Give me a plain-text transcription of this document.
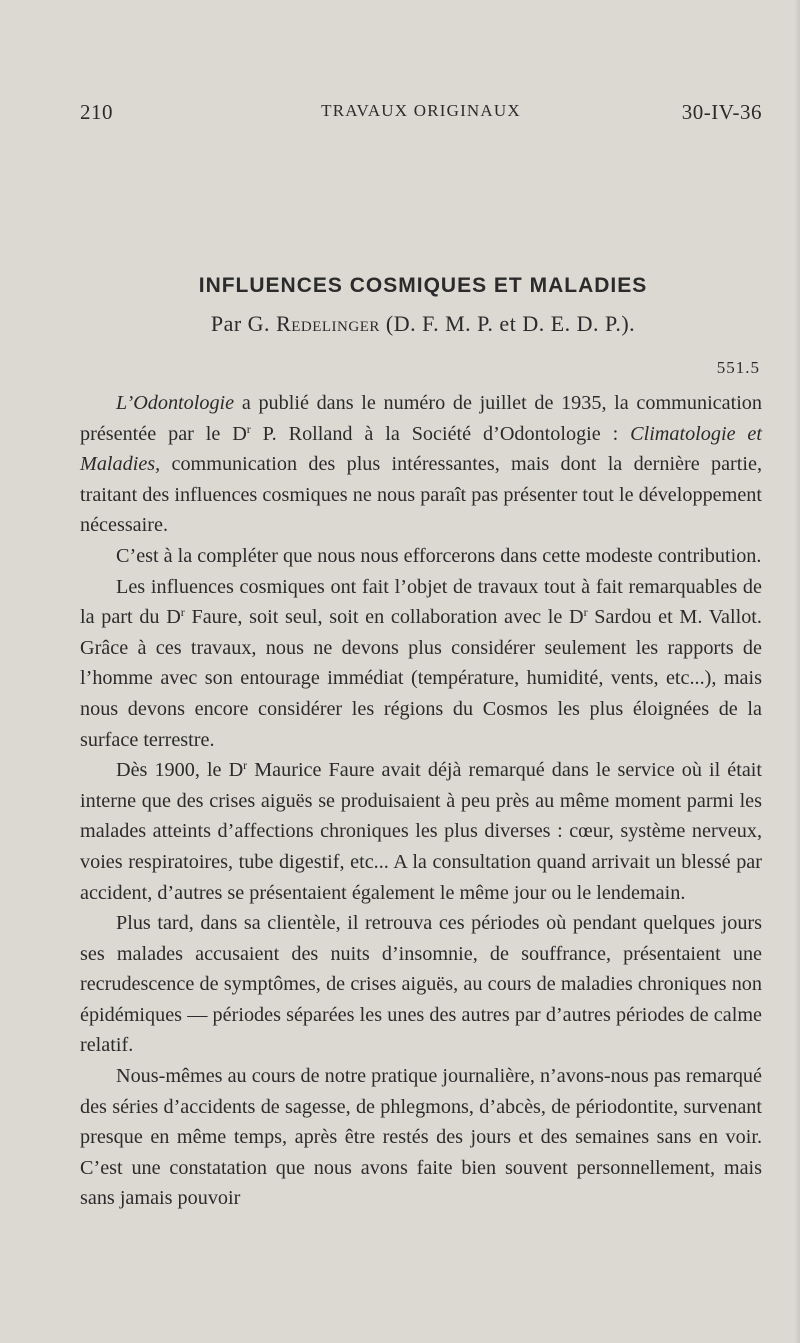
210	TRAVAUX ORIGINAUX	30-IV-36
INFLUENCES COSMIQUES ET MALADIES
Par G. Redelinger (D. F. M. P. et D. E. D. P.).
551.5

L’Odontologie a publié dans le numéro de juillet de 1935, la communication présentée par le $D^r$ P. Rolland à la Société d’Odontologie : Climatologie et Maladies, communication des plus intéressantes, mais dont la dernière partie, traitant des influences cosmiques ne nous paraît pas présenter tout le développement nécessaire.

C’est à la compléter que nous nous efforcerons dans cette modeste contribution.

Les influences cosmiques ont fait l’objet de travaux tout à fait remarquables de la part du $D^r$ Faure, soit seul, soit en collaboration avec le $D^r$ Sardou et M. Vallot. Grâce à ces travaux, nous ne devons plus considérer seulement les rapports de l’homme avec son entourage immédiat (température, humidité, vents, etc...), mais nous devons encore considérer les régions du Cosmos les plus éloignées de la surface terrestre.

Dès 1900, le $D^r$ Maurice Faure avait déjà remarqué dans le service où il était interne que des crises aiguës se produisaient à peu près au même moment parmi les malades atteints d’affections chroniques les plus diverses : cœur, système nerveux, voies respiratoires, tube digestif, etc... A la consultation quand arrivait un blessé par accident, d’autres se présentaient également le même jour ou le lendemain.

Plus tard, dans sa clientèle, il retrouva ces périodes où pendant quelques jours ses malades accusaient des nuits d’insomnie, de souffrance, présentaient une recrudescence de symptômes, de crises aiguës, au cours de maladies chroniques non épidémiques — périodes séparées les unes des autres par d’autres périodes de calme relatif.

Nous-mêmes au cours de notre pratique journalière, n’avons-nous pas remarqué des séries d’accidents de sagesse, de phlegmons, d’abcès, de périodontite, survenant presque en même temps, après être restés des jours et des semaines sans en voir. C’est une constatation que nous avons faite bien souvent personnellement, mais sans jamais pouvoir
